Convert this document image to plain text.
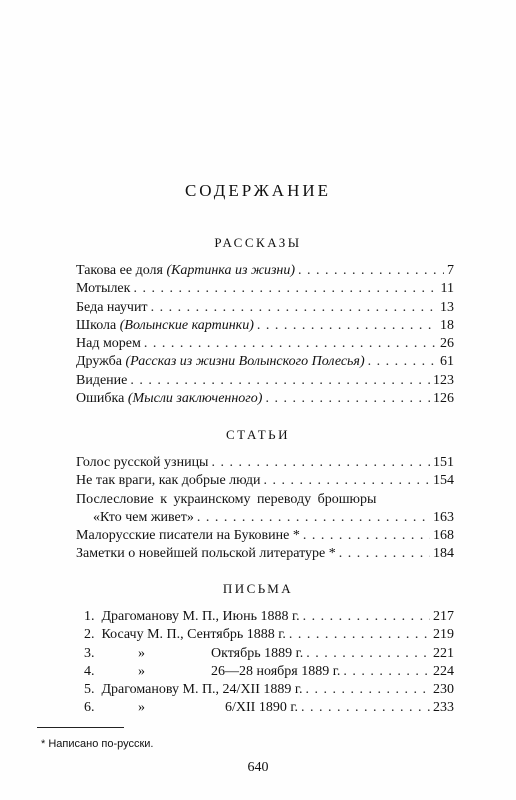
СОДЕРЖАНИЕ
РАССКАЗЫ
Такова ее доля (Картинка из жизни) . . .	7
Мотылек . . .	11
Беда научит . . .	13
Школа (Волынские картинки) . . .	18
Над морем . . .	26
Дружба (Рассказ из жизни Волынского Полесья) . . .	61
Видение . . .	123
Ошибка (Мысли заключенного) . . .	126
СТАТЬИ
Голос русской узницы . . .	151
Не так враги, как добрые люди . . .	154
Послесловие к украинскому переводу брошюры
«Кто чем живет» . . .	163
Малорусские писатели на Буковине * . . .	168
Заметки о новейшей польской литературе * . . .	184
ПИСЬМА
1. Драгоманову М. П., Июнь 1888 г. . . .	217
2. Косачу М. П., Сентябрь 1888 г. . . .	219
3.	»	Октябрь 1889 г. . . .	221
4.	»	26—28 ноября 1889 г. . . .	224
5. Драгоманову М. П., 24/XII 1889 г. . . .	230
6.	»	6/XII 1890 г. . . .	233
* Написано по-русски.
640
